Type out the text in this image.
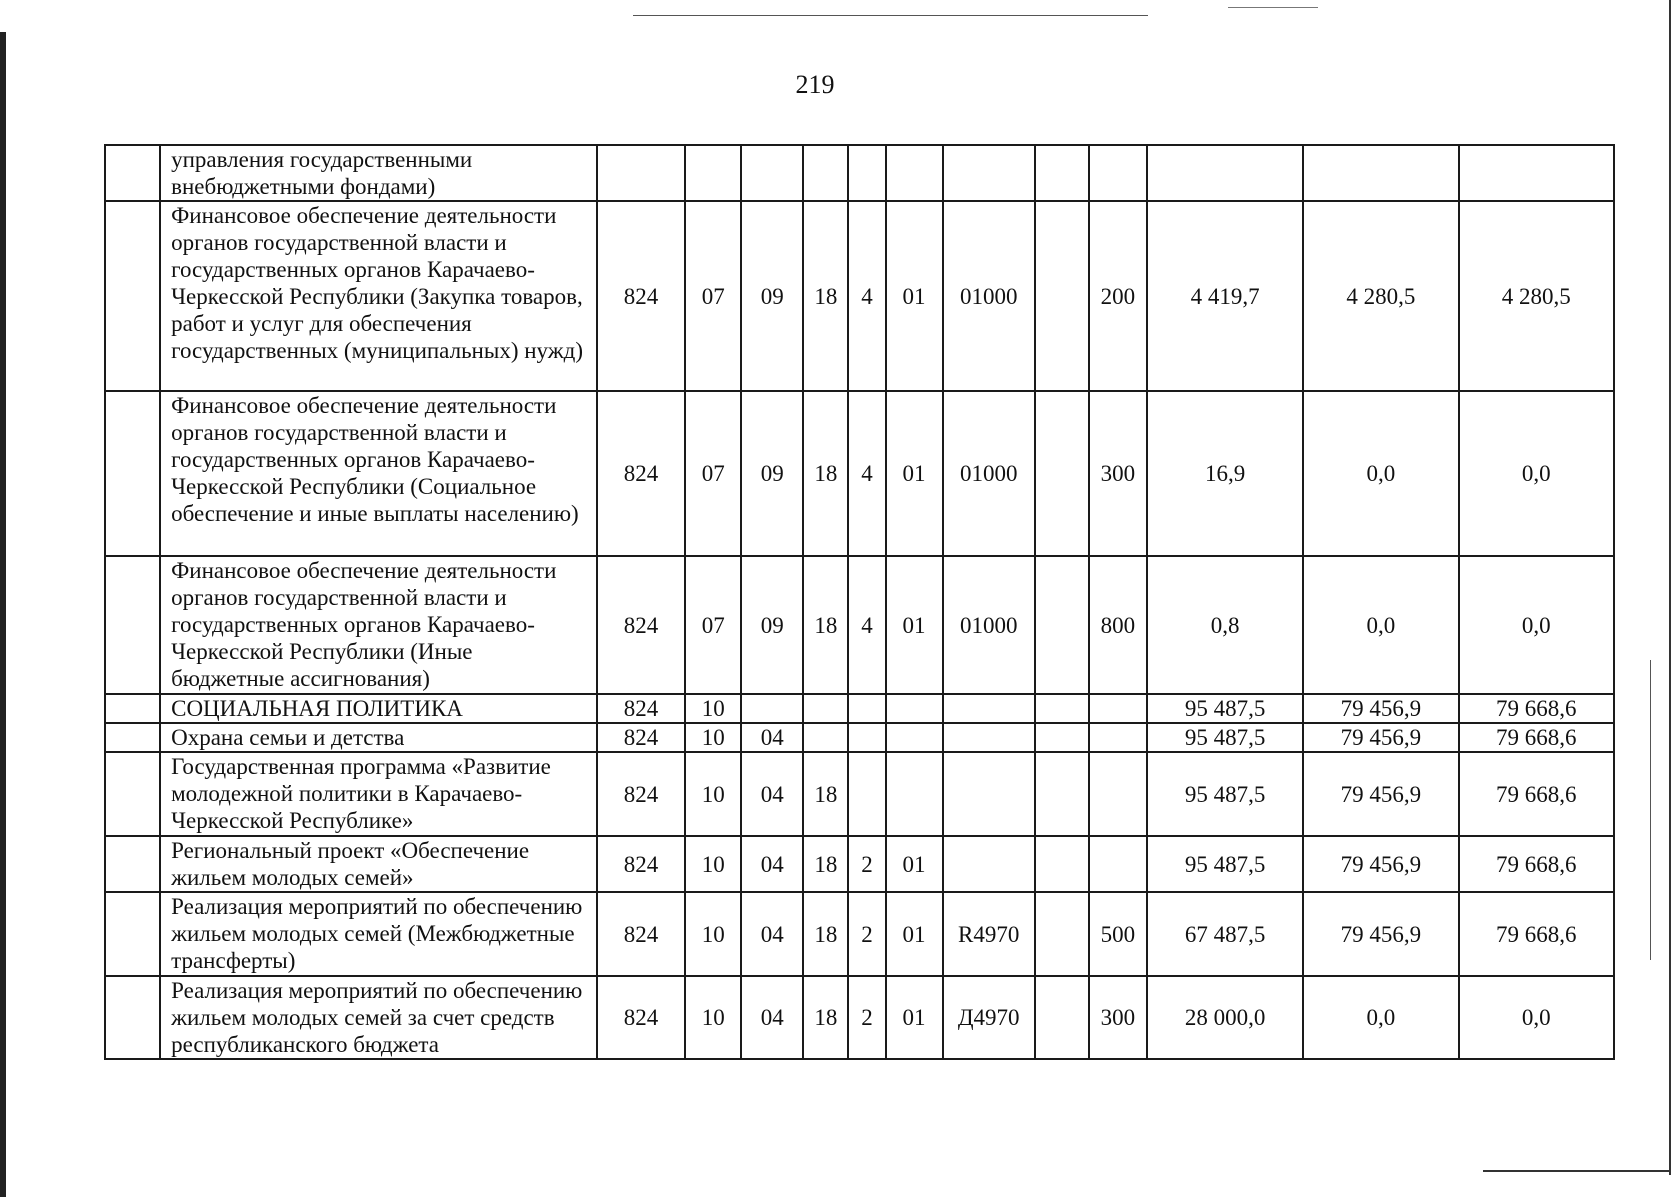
219
	управления государственными внебюджетными фондами)												
	Финансовое обеспечение деятельности органов государственной власти и государственных органов Карачаево-Черкесской Республики (Закупка товаров, работ и услуг для обеспечения государственных (муниципальных) нужд)	824	07	09	18	4	01	01000		200	4 419,7	4 280,5	4 280,5
	Финансовое обеспечение деятельности органов государственной власти и государственных органов Карачаево-Черкесской Республики (Социальное обеспечение и иные выплаты населению)	824	07	09	18	4	01	01000		300	16,9	0,0	0,0
	Финансовое обеспечение деятельности органов государственной власти и государственных органов Карачаево-Черкесской Республики (Иные бюджетные ассигнования)	824	07	09	18	4	01	01000		800	0,8	0,0	0,0
	СОЦИАЛЬНАЯ ПОЛИТИКА	824	10								95 487,5	79 456,9	79 668,6
	Охрана семьи и детства	824	10	04							95 487,5	79 456,9	79 668,6
	Государственная программа «Развитие молодежной политики в Карачаево-Черкесской Республике»	824	10	04	18						95 487,5	79 456,9	79 668,6
	Региональный проект «Обеспечение жильем молодых семей»	824	10	04	18	2	01				95 487,5	79 456,9	79 668,6
	Реализация мероприятий по обеспечению жильем молодых семей (Межбюджетные трансферты)	824	10	04	18	2	01	R4970		500	67 487,5	79 456,9	79 668,6
	Реализация мероприятий по обеспечению жильем молодых семей за счет средств республиканского бюджета	824	10	04	18	2	01	Д4970		300	28 000,0	0,0	0,0
